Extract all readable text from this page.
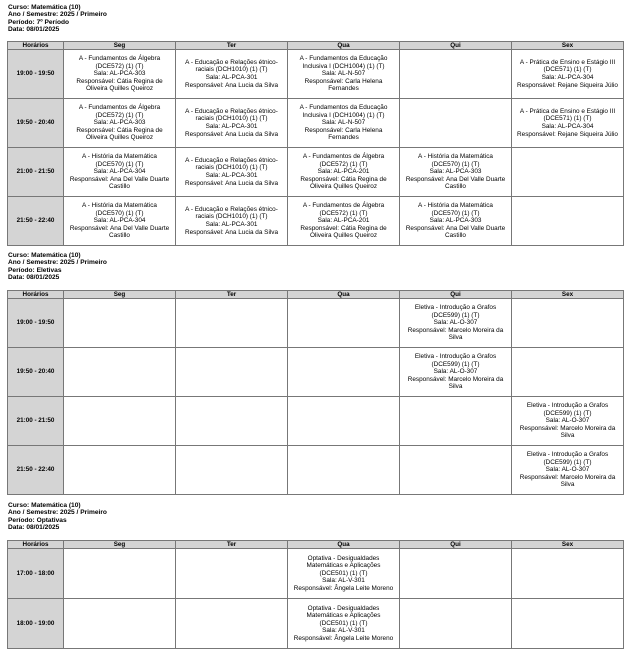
Curso: Matemática (10)
Ano / Semestre: 2025 / Primeiro
Período: 7º Período
Data: 08/01/2025
Horários	Seg	Ter	Qua	Qui	Sex
19:00 - 19:50	A - Fundamentos de Álgebra
(DCE572) (1) (T)
Sala: AL-PCA-303
Responsável: Cátia Regina de
Oliveira Quilles Queiroz	A - Educação e Relações étnico-
raciais (DCH1010) (1) (T)
Sala: AL-PCA-301
Responsável: Ana Lucia da Silva	A - Fundamentos da Educação
Inclusiva I (DCH1004) (1) (T)
Sala: AL-N-507
Responsável: Carla Helena
Fernandes		A - Prática de Ensino e Estágio III
(DCE571) (1) (T)
Sala: AL-PCA-304
Responsável: Rejane Siqueira Júlio

19:50 - 20:40	A - Fundamentos de Álgebra
(DCE572) (1) (T)
Sala: AL-PCA-303
Responsável: Cátia Regina de
Oliveira Quilles Queiroz	A - Educação e Relações étnico-
raciais (DCH1010) (1) (T)
Sala: AL-PCA-301
Responsável: Ana Lucia da Silva	A - Fundamentos da Educação
Inclusiva I (DCH1004) (1) (T)
Sala: AL-N-507
Responsável: Carla Helena
Fernandes		A - Prática de Ensino e Estágio III
(DCE571) (1) (T)
Sala: AL-PCA-304
Responsável: Rejane Siqueira Júlio

21:00 - 21:50	A - História da Matemática
(DCE570) (1) (T)
Sala: AL-PCA-304
Responsável: Ana Del Valle Duarte
Castillo	A - Educação e Relações étnico-
raciais (DCH1010) (1) (T)
Sala: AL-PCA-301
Responsável: Ana Lucia da Silva	A - Fundamentos de Álgebra
(DCE572) (1) (T)
Sala: AL-PCA-201
Responsável: Cátia Regina de
Oliveira Quilles Queiroz	A - História da Matemática
(DCE570) (1) (T)
Sala: AL-PCA-303
Responsável: Ana Del Valle Duarte
Castillo	

21:50 - 22:40	A - História da Matemática
(DCE570) (1) (T)
Sala: AL-PCA-304
Responsável: Ana Del Valle Duarte
Castillo	A - Educação e Relações étnico-
raciais (DCH1010) (1) (T)
Sala: AL-PCA-301
Responsável: Ana Lucia da Silva	A - Fundamentos de Álgebra
(DCE572) (1) (T)
Sala: AL-PCA-201
Responsável: Cátia Regina de
Oliveira Quilles Queiroz	A - História da Matemática
(DCE570) (1) (T)
Sala: AL-PCA-303
Responsável: Ana Del Valle Duarte
Castillo	

Curso: Matemática (10)
Ano / Semestre: 2025 / Primeiro
Período: Eletivas
Data: 08/01/2025
Horários	Seg	Ter	Qua	Qui	Sex
19:00 - 19:50				Eletiva - Introdução a Grafos
(DCE599) (1) (T)
Sala: AL-O-307
Responsável: Marcelo Moreira da
Silva	

19:50 - 20:40				Eletiva - Introdução a Grafos
(DCE599) (1) (T)
Sala: AL-O-307
Responsável: Marcelo Moreira da
Silva	

21:00 - 21:50					Eletiva - Introdução a Grafos
(DCE599) (1) (T)
Sala: AL-O-307
Responsável: Marcelo Moreira da
Silva

21:50 - 22:40					Eletiva - Introdução a Grafos
(DCE599) (1) (T)
Sala: AL-O-307
Responsável: Marcelo Moreira da
Silva
Curso: Matemática (10)
Ano / Semestre: 2025 / Primeiro
Período: Optativas
Data: 08/01/2025
Horários	Seg	Ter	Qua	Qui	Sex
17:00 - 18:00			Optativa - Desigualdades
Matemáticas e Aplicações
(DCE501) (1) (T)
Sala: AL-V-301
Responsável: Ângela Leite Moreno		

18:00 - 19:00			Optativa - Desigualdades
Matemáticas e Aplicações
(DCE501) (1) (T)
Sala: AL-V-301
Responsável: Ângela Leite Moreno		
